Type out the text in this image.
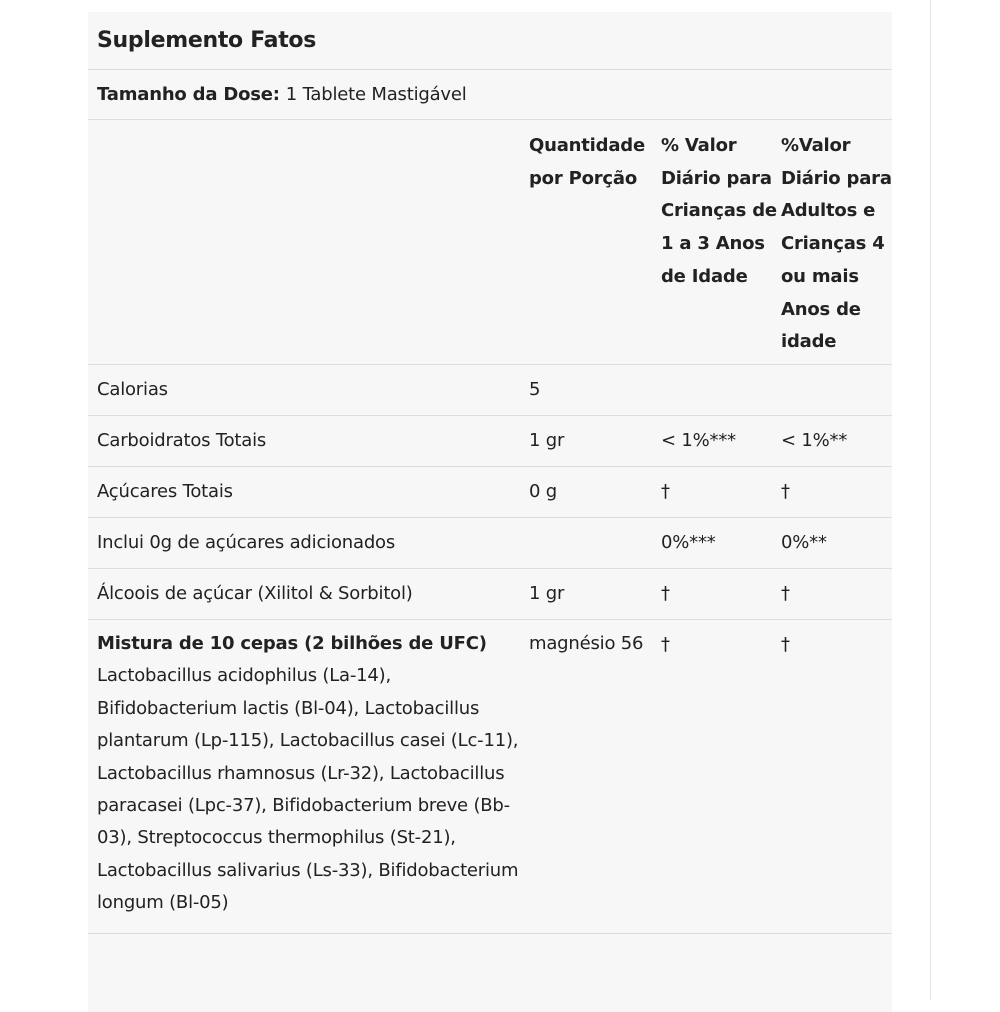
Suplemento Fatos
Tamanho da Dose: 1 Tablete Mastigável
	Quantidade por Porção	% Valor Diário para Crianças de 1 a 3 Anos de Idade	%Valor Diário para Adultos e Crianças 4 ou mais Anos de idade
Calorias	5		
Carboidratos Totais	1 gr	< 1%***	< 1%**
Açúcares Totais	0 g	†	†
Inclui 0g de açúcares adicionados		0%***	0%**
Álcoois de açúcar (Xilitol & Sorbitol)	1 gr	†	†

Mistura de 10 cepas (2 bilhões de UFC)
Lactobacillus acidophilus (La-14), Bifidobacterium lactis (Bl-04), Lactobacillus plantarum (Lp-115), Lactobacillus casei (Lc-11), Lactobacillus rhamnosus (Lr-32), Lactobacillus paracasei (Lpc-37), Bifidobacterium breve (Bb-03), Streptococcus thermophilus (St-21), Lactobacillus salivarius (Ls-33), Bifidobacterium longum (Bl-05)	magnésio 56	†	†
